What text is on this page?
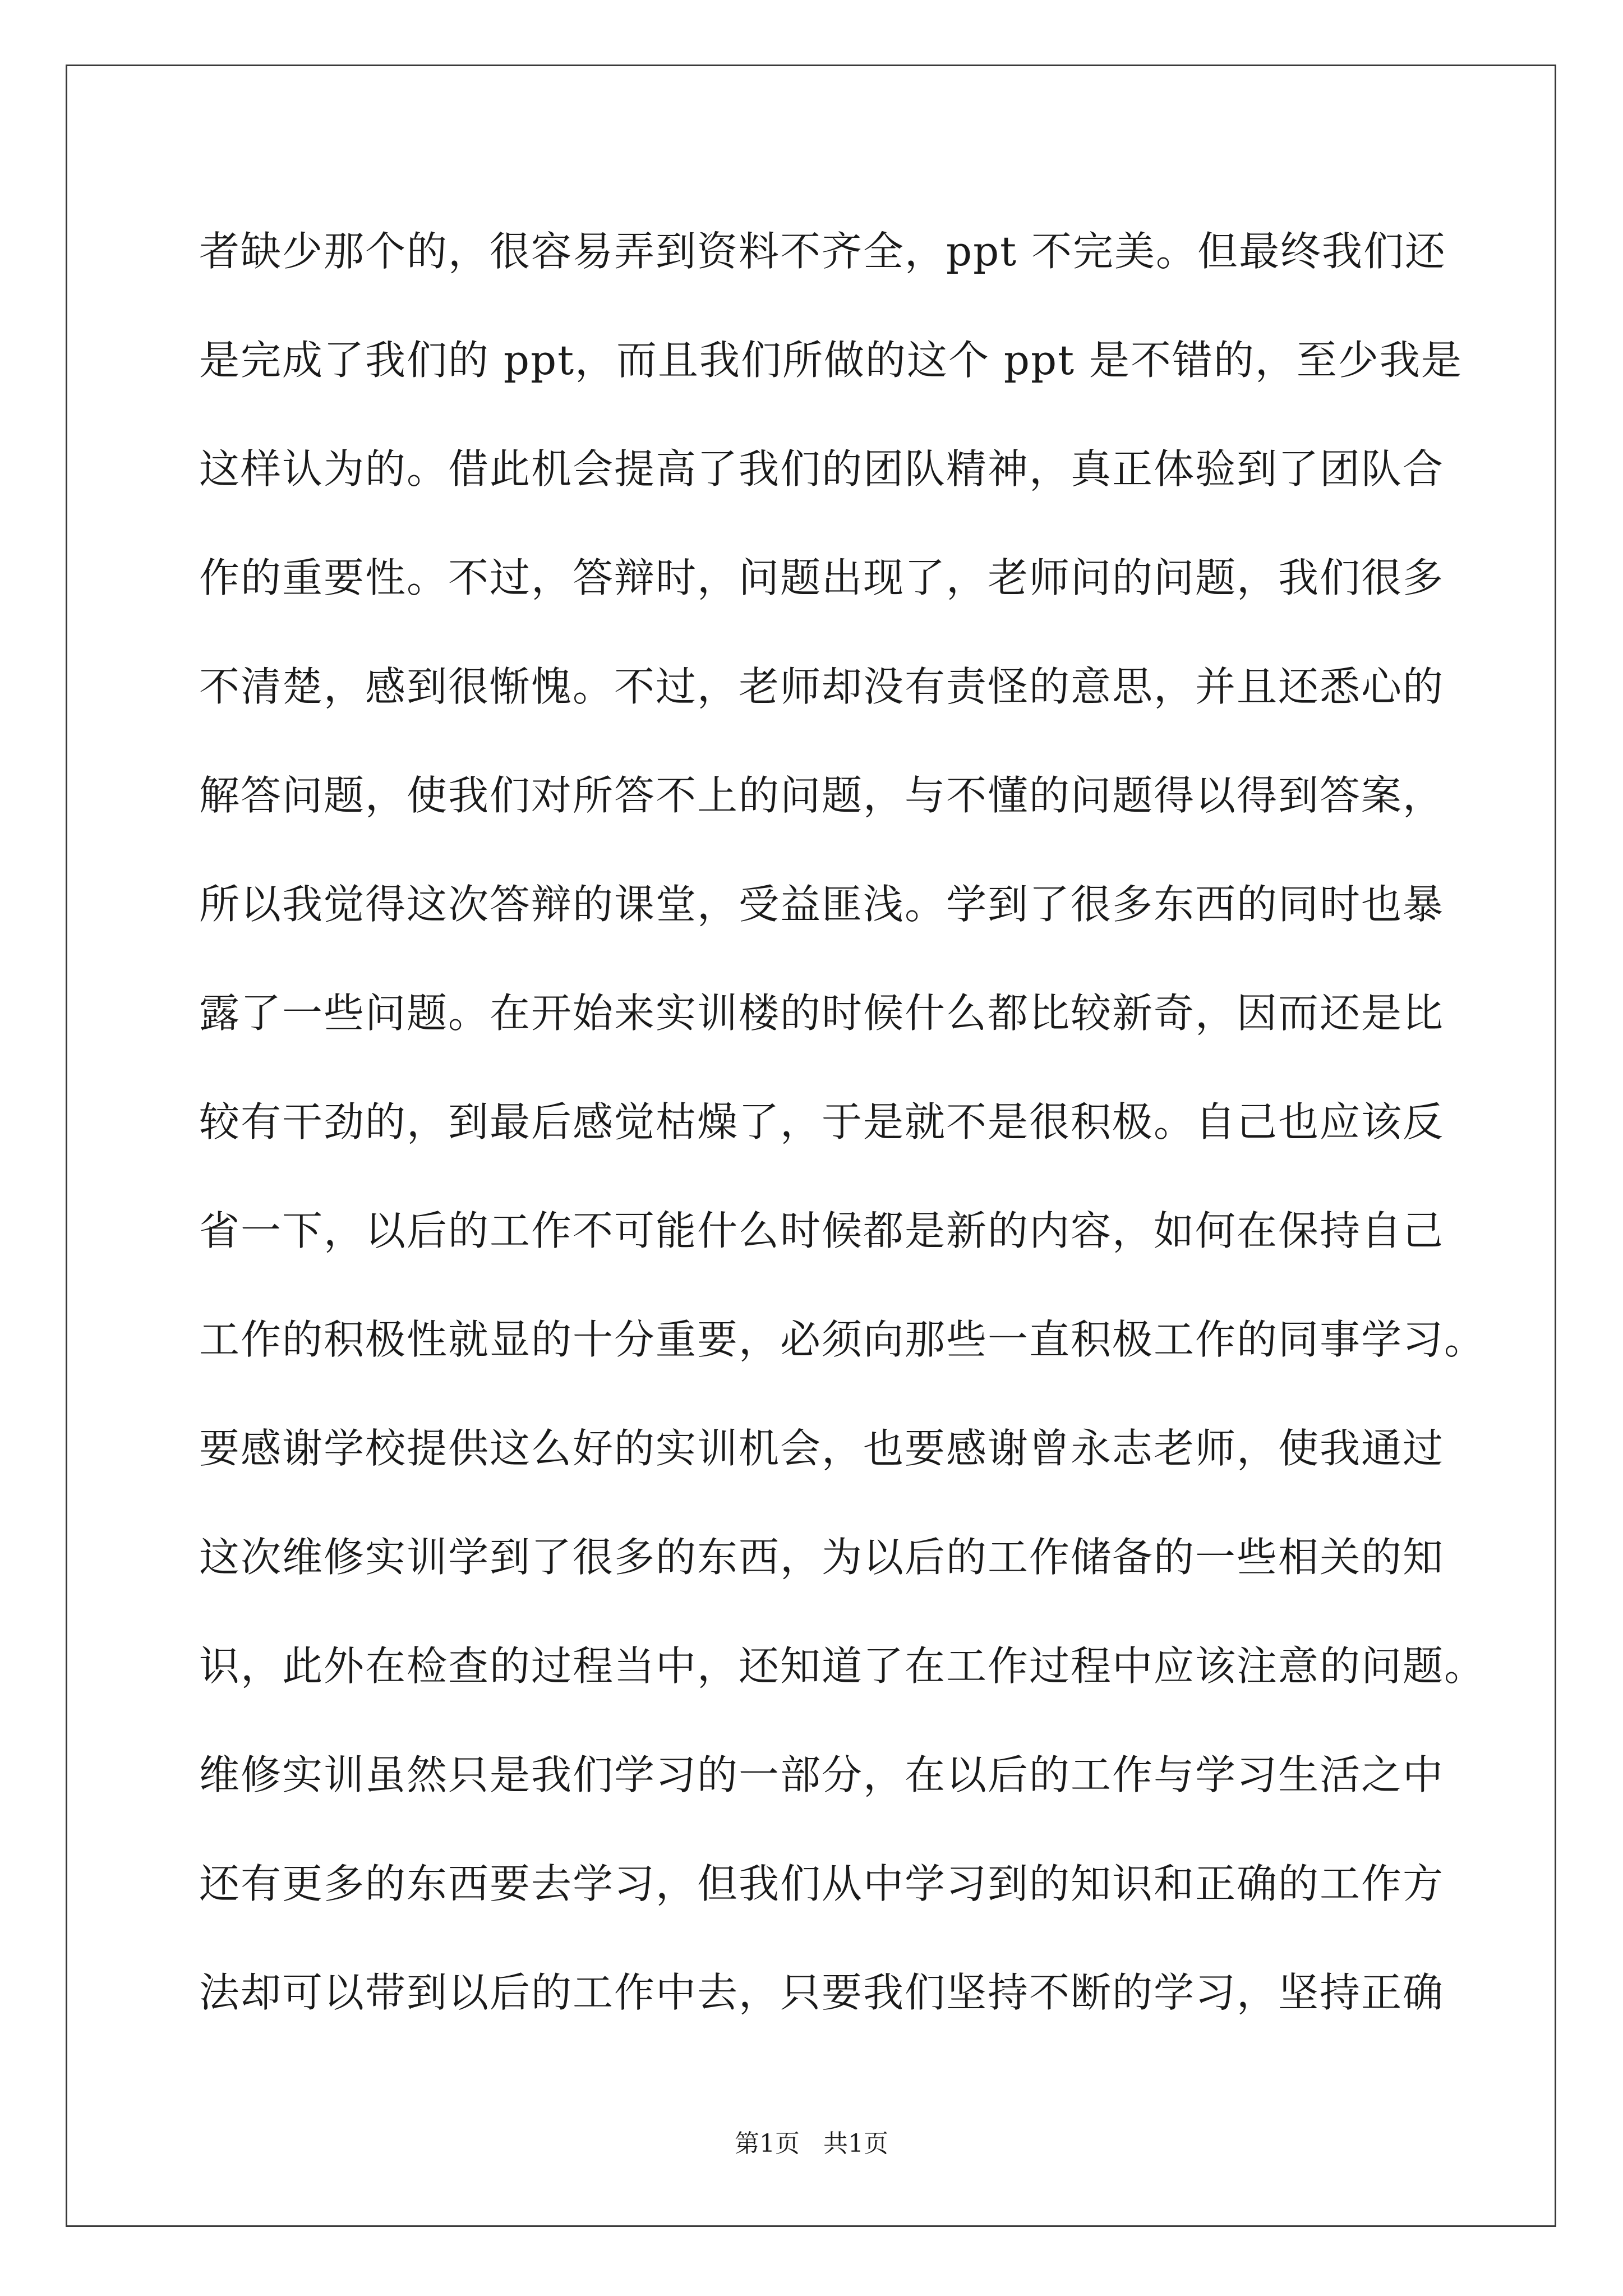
者缺少那个的，很容易弄到资料不齐全，ppt 不完美。但最终我们还
是完成了我们的 ppt，而且我们所做的这个 ppt 是不错的，至少我是
这样认为的。借此机会提高了我们的团队精神，真正体验到了团队合
作的重要性。不过，答辩时，问题出现了，老师问的问题，我们很多
不清楚，感到很惭愧。不过，老师却没有责怪的意思，并且还悉心的
解答问题，使我们对所答不上的问题，与不懂的问题得以得到答案，
所以我觉得这次答辩的课堂，受益匪浅。学到了很多东西的同时也暴
露了一些问题。在开始来实训楼的时候什么都比较新奇，因而还是比
较有干劲的，到最后感觉枯燥了，于是就不是很积极。自己也应该反
省一下，以后的工作不可能什么时候都是新的内容，如何在保持自己
工作的积极性就显的十分重要，必须向那些一直积极工作的同事学习。
要感谢学校提供这么好的实训机会，也要感谢曾永志老师，使我通过
这次维修实训学到了很多的东西，为以后的工作储备的一些相关的知
识，此外在检查的过程当中，还知道了在工作过程中应该注意的问题。
维修实训虽然只是我们学习的一部分，在以后的工作与学习生活之中
还有更多的东西要去学习，但我们从中学习到的知识和正确的工作方
法却可以带到以后的工作中去，只要我们坚持不断的学习，坚持正确
第1页   共1页
